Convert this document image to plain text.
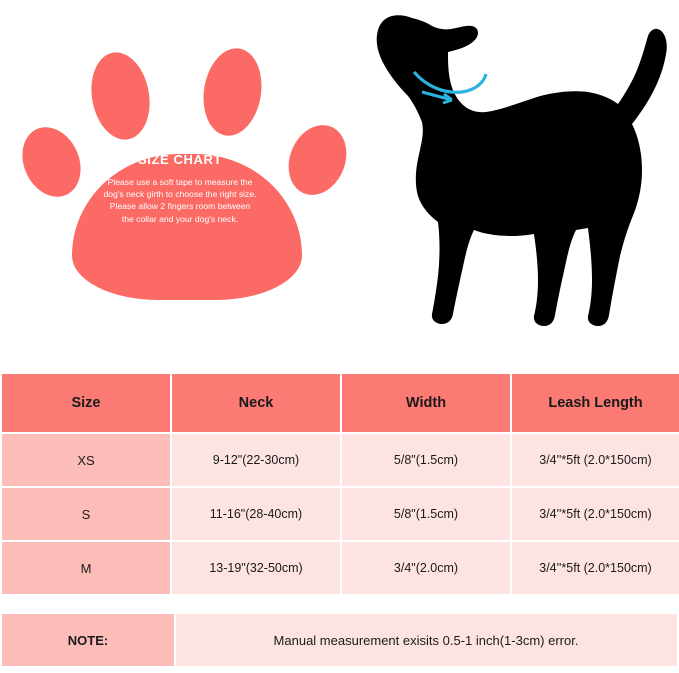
SIZE CHART
Please use a soft tape to measure the
dog's neck girth to choose the right size.
Please allow 2 fingers room between
the collar and your dog's neck.
Size	Neck	Width	Leash Length
XS	9-12"(22-30cm)	5/8"(1.5cm)	3/4''*5ft (2.0*150cm)
S	11-16"(28-40cm)	5/8"(1.5cm)	3/4''*5ft (2.0*150cm)
M	13-19"(32-50cm)	3/4"(2.0cm)	3/4''*5ft (2.0*150cm)
NOTE:	Manual measurement exisits 0.5-1 inch(1-3cm) error.
